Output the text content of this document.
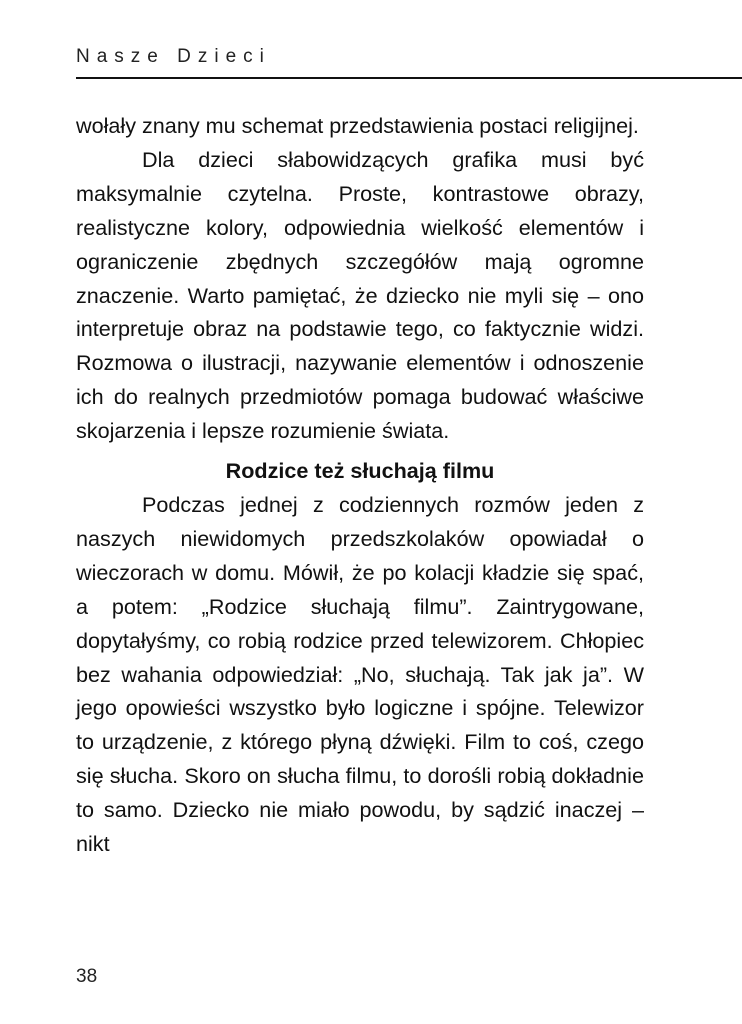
Nasze Dzieci

wołały znany mu schemat przedstawienia postaci religijnej.

Dla dzieci słabowidzących grafika musi być maksymalnie czytelna. Proste, kontrastowe obrazy, realistyczne kolory, odpowiednia wielkość elementów i ograniczenie zbędnych szczegółów mają ogromne znaczenie. Warto pamiętać, że dziecko nie myli się – ono interpretuje obraz na podstawie tego, co faktycznie widzi. Rozmowa o ilustracji, nazywanie elementów i odnoszenie ich do realnych przedmiotów pomaga budować właściwe skojarzenia i lepsze rozumienie świata.

Rodzice też słuchają filmu

Podczas jednej z codziennych rozmów jeden z naszych niewidomych przedszkolaków opowiadał o wieczorach w domu. Mówił, że po kolacji kładzie się spać, a potem: „Rodzice słuchają filmu”. Zaintrygowane, dopytałyśmy, co robią rodzice przed telewizorem. Chłopiec bez wahania odpowiedział: „No, słuchają. Tak jak ja”. W jego opowieści wszystko było logiczne i spójne. Telewizor to urządzenie, z którego płyną dźwięki. Film to coś, czego się słucha. Skoro on słucha filmu, to dorośli robią dokładnie to samo. Dziecko nie miało powodu, by sądzić inaczej – nikt

38
